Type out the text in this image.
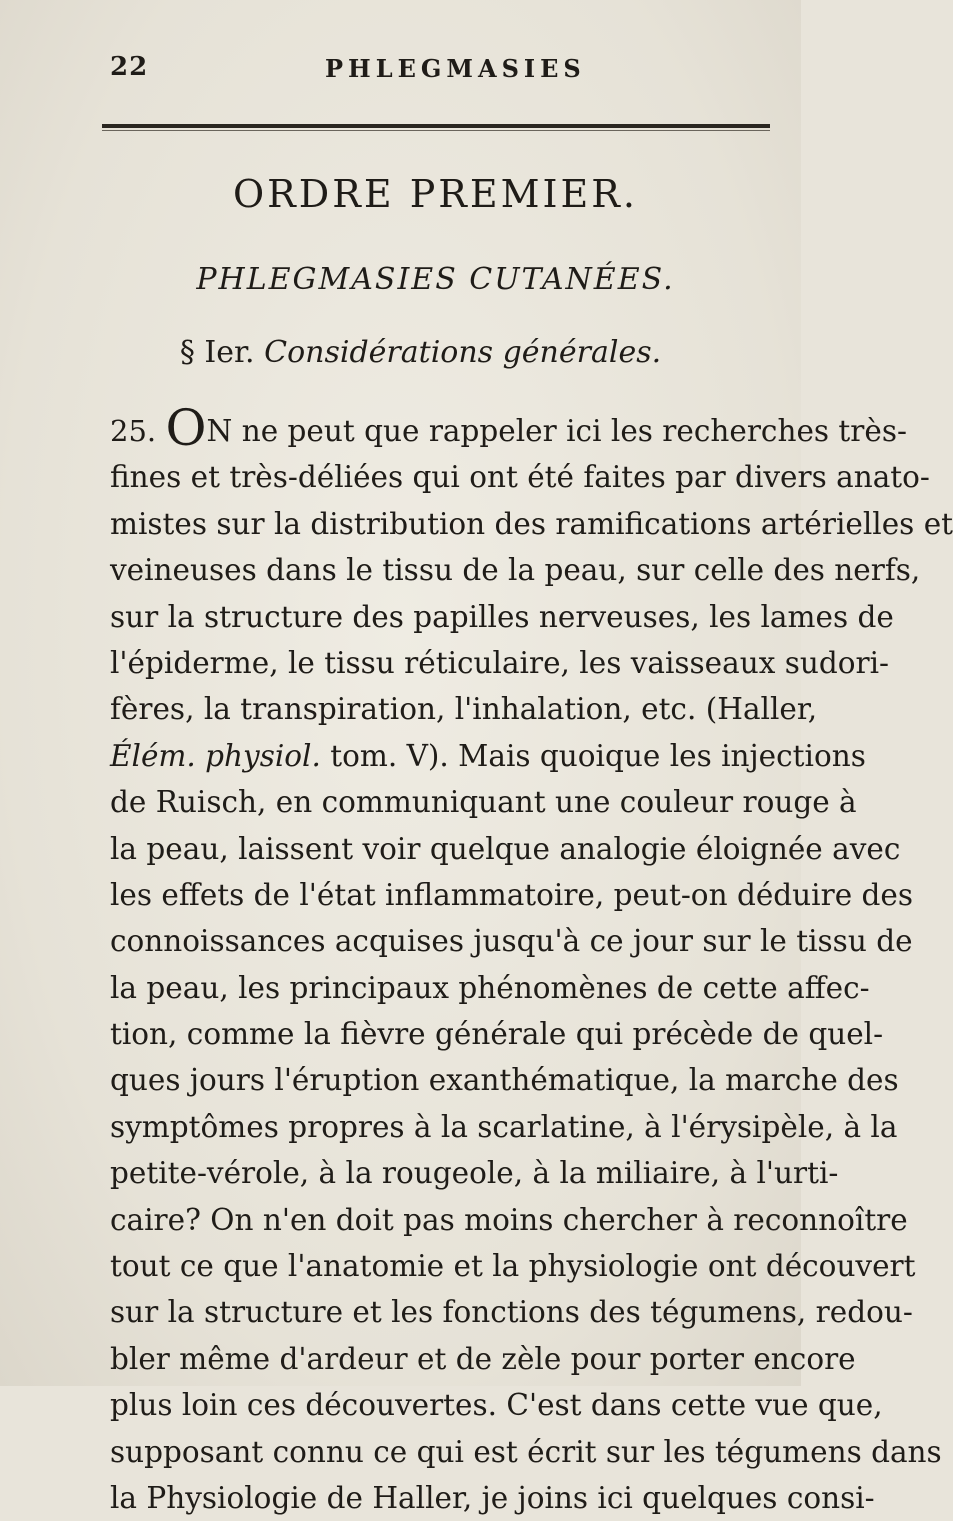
22	PHLEGMASIES
ORDRE PREMIER.
PHLEGMASIES CUTANÉES.
§ Ier. Considérations générales.
25. ON ne peut que rappeler ici les recherches très-
fines et très-déliées qui ont été faites par divers anato-
mistes sur la distribution des ramifications artérielles et
veineuses dans le tissu de la peau, sur celle des nerfs,
sur la structure des papilles nerveuses, les lames de
l'épiderme, le tissu réticulaire, les vaisseaux sudori-
fères, la transpiration, l'inhalation, etc. (Haller,
Élém. physiol. tom. V). Mais quoique les injections
de Ruisch, en communiquant une couleur rouge à
la peau, laissent voir quelque analogie éloignée avec
les effets de l'état inflammatoire, peut-on déduire des
connoissances acquises jusqu'à ce jour sur le tissu de
la peau, les principaux phénomènes de cette affec-
tion, comme la fièvre générale qui précède de quel-
ques jours l'éruption exanthématique, la marche des
symptômes propres à la scarlatine, à l'érysipèle, à la
petite-vérole, à la rougeole, à la miliaire, à l'urti-
caire? On n'en doit pas moins chercher à reconnoître
tout ce que l'anatomie et la physiologie ont découvert
sur la structure et les fonctions des tégumens, redou-
bler même d'ardeur et de zèle pour porter encore
plus loin ces découvertes. C'est dans cette vue que,
supposant connu ce qui est écrit sur les tégumens dans
la Physiologie de Haller, je joins ici quelques consi-
